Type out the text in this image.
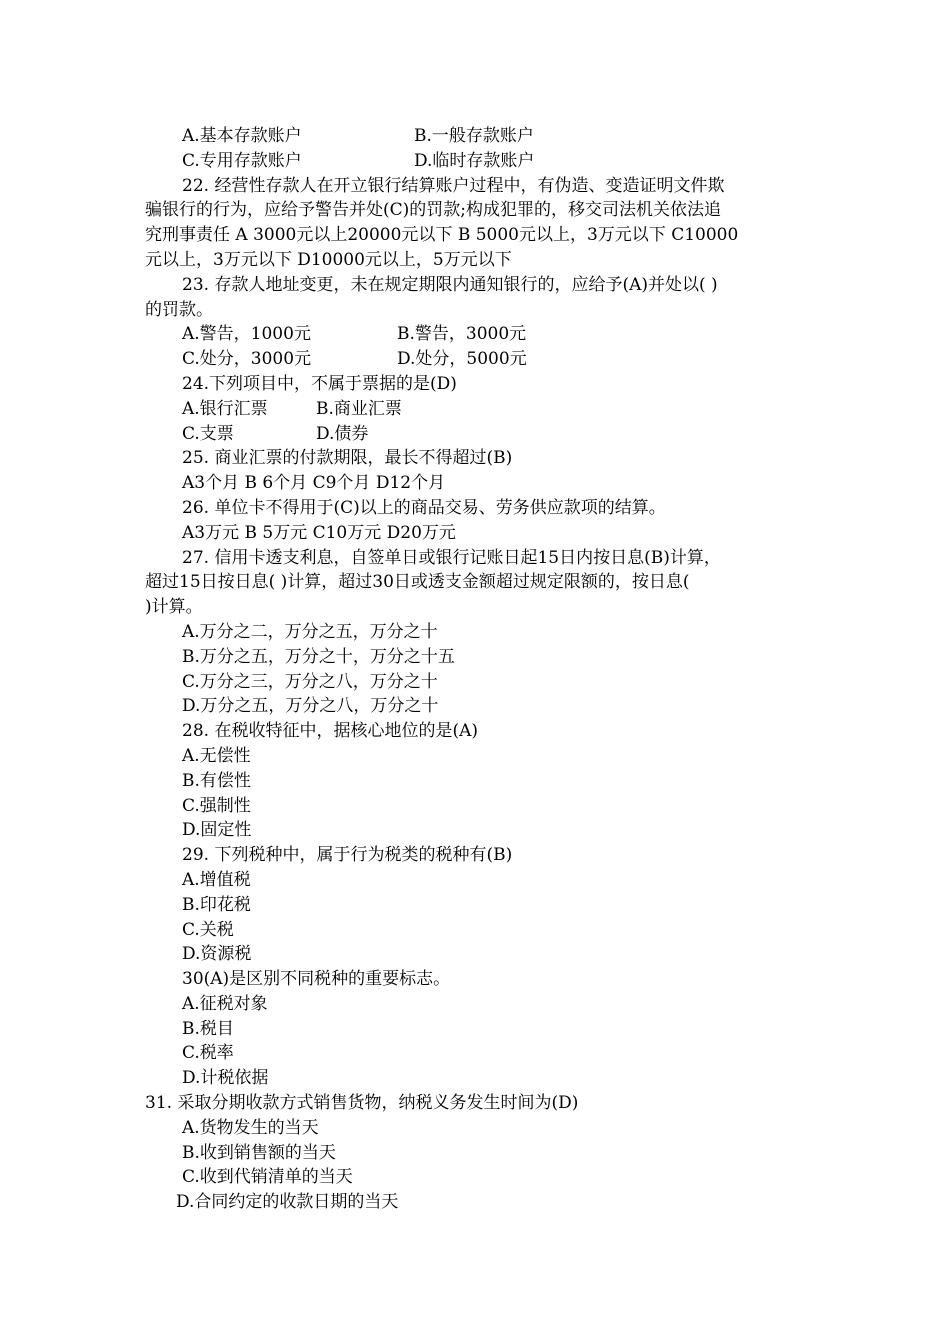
A.基本存款账户	B.一般存款账户
C.专用存款账户	D.临时存款账户
22. 经营性存款人在开立银行结算账户过程中，有伪造、变造证明文件欺
骗银行的行为，应给予警告并处(C)的罚款;构成犯罪的，移交司法机关依法追
究刑事责任 A 3000元以上20000元以下 B 5000元以上，3万元以下 C10000
元以上，3万元以下 D10000元以上，5万元以下
23. 存款人地址变更，未在规定期限内通知银行的，应给予(A)并处以( )
的罚款。
A.警告，1000元	B.警告，3000元
C.处分，3000元	D.处分，5000元
24.下列项目中，不属于票据的是(D)
A.银行汇票	B.商业汇票
C.支票	D.债券
25. 商业汇票的付款期限，最长不得超过(B)
A3个月 B 6个月 C9个月 D12个月
26. 单位卡不得用于(C)以上的商品交易、劳务供应款项的结算。
A3万元 B 5万元 C10万元 D20万元
27. 信用卡透支利息，自签单日或银行记账日起15日内按日息(B)计算，
超过15日按日息( )计算，超过30日或透支金额超过规定限额的，按日息(
)计算。
A.万分之二，万分之五，万分之十
B.万分之五，万分之十，万分之十五
C.万分之三，万分之八，万分之十
D.万分之五，万分之八，万分之十
28. 在税收特征中，据核心地位的是(A)
A.无偿性
B.有偿性
C.强制性
D.固定性
29. 下列税种中，属于行为税类的税种有(B)
A.增值税
B.印花税
C.关税
D.资源税
30(A)是区别不同税种的重要标志。
A.征税对象
B.税目
C.税率
D.计税依据
31. 采取分期收款方式销售货物，纳税义务发生时间为(D)
A.货物发生的当天
B.收到销售额的当天
C.收到代销清单的当天
D.合同约定的收款日期的当天
